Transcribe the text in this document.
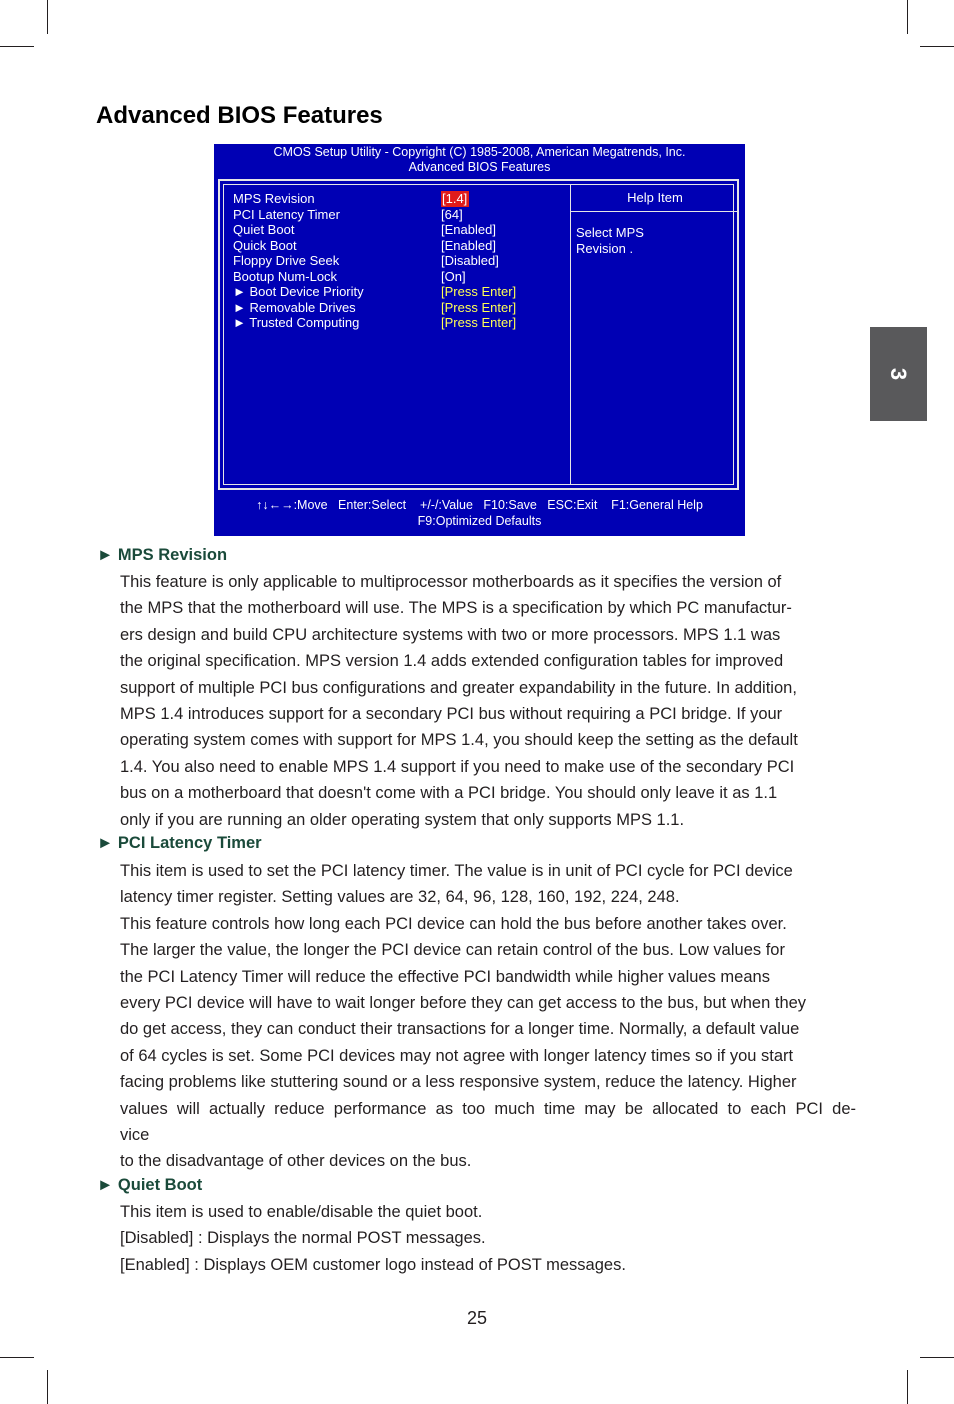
Advanced BIOS Features
3
CMOS Setup Utility - Copyright (C) 1985-2008, American Megatrends, Inc.
Advanced BIOS Features
MPS Revision	[1.4]
PCI Latency Timer	[64]
Quiet Boot	[Enabled]
Quick Boot	[Enabled]
Floppy Drive Seek	[Disabled]
Bootup Num-Lock	[On]
► Boot Device Priority	[Press Enter]
► Removable Drives	[Press Enter]
► Trusted Computing	[Press Enter]
Help Item
Select MPS
Revision .
↑↓←→:Move   Enter:Select    +/-/:Value   F10:Save   ESC:Exit    F1:General Help
F9:Optimized Defaults
► MPS Revision
This feature is only applicable to multiprocessor motherboards as it specifies the version of
the MPS that the motherboard will use. The MPS is a specification by which PC manufactur-
ers design and build CPU architecture systems with two or more processors. MPS 1.1 was
the original specification. MPS version 1.4 adds extended configuration tables for improved
support of multiple PCI bus configurations and greater expandability in the future. In addition,
MPS 1.4 introduces support for a secondary PCI bus without requiring a PCI bridge. If your
operating system comes with support for MPS 1.4, you should keep the setting as the default
1.4. You also need to enable MPS 1.4 support if you need to make use of the secondary PCI
bus on a motherboard that doesn't come with a PCI bridge. You should only leave it as 1.1
only if you are running an older operating system that only supports MPS 1.1.
► PCI Latency Timer
This item is used to set the PCI latency timer. The value is in unit of PCI cycle for PCI device
latency timer register. Setting values are 32, 64, 96, 128, 160, 192, 224, 248.
This feature controls how long each PCI device can hold the bus before another takes over.
The larger the value, the longer the PCI device can retain control of the bus. Low values for
the PCI Latency Timer will reduce the effective PCI bandwidth while higher values means
every PCI device will have to wait longer before they can get access to the bus, but when they
do get access, they can conduct their transactions for a longer time. Normally, a default value
of 64 cycles is set. Some PCI devices may not agree with longer latency times so if you start
facing problems like stuttering sound or a less responsive system, reduce the latency. Higher
values will actually reduce performance as too much time may be allocated to each PCI de-
vice
to the disadvantage of other devices on the bus.
► Quiet Boot
This item is used to enable/disable the quiet boot.
[Disabled] : Displays the normal POST messages.
[Enabled] : Displays OEM customer logo instead of POST messages.
25
